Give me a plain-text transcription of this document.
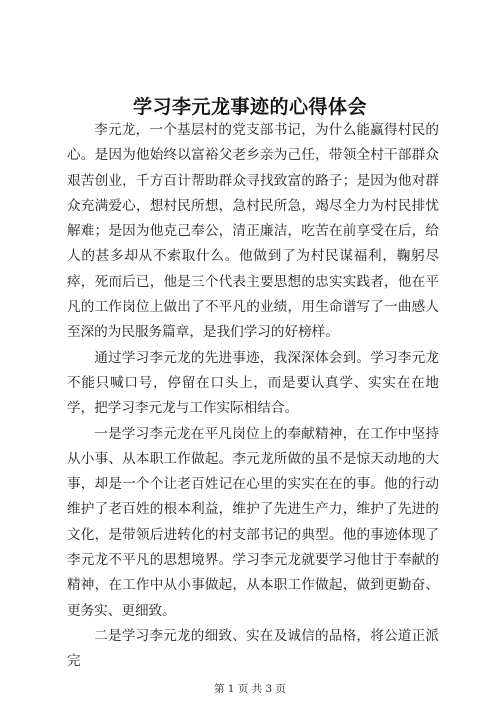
学习李元龙事迹的心得体会

李元龙，一个基层村的党支部书记，为什么能赢得村民的心。是因为他始终以富裕父老乡亲为己任，带领全村干部群众艰苦创业，千方百计帮助群众寻找致富的路子；是因为他对群众充满爱心，想村民所想，急村民所急，竭尽全力为村民排忧解难；是因为他克己奉公，清正廉洁，吃苦在前享受在后，给人的甚多却从不索取什么。他做到了为村民谋福利，鞠躬尽瘁，死而后已，他是三个代表主要思想的忠实实践者，他在平凡的工作岗位上做出了不平凡的业绩，用生命谱写了一曲感人至深的为民服务篇章，是我们学习的好榜样。

通过学习李元龙的先进事迹，我深深体会到。学习李元龙不能只喊口号，停留在口头上，而是要认真学、实实在在地学，把学习李元龙与工作实际相结合。

一是学习李元龙在平凡岗位上的奉献精神，在工作中坚持从小事、从本职工作做起。李元龙所做的虽不是惊天动地的大事，却是一个个让老百姓记在心里的实实在在的事。他的行动维护了老百姓的根本利益，维护了先进生产力，维护了先进的文化，是带领后进转化的村支部书记的典型。他的事迹体现了李元龙不平凡的思想境界。学习李元龙就要学习他甘于奉献的精神，在工作中从小事做起，从本职工作做起，做到更勤奋、更务实、更细致。

二是学习李元龙的细致、实在及诚信的品格，将公道正派完

第 1 页 共 3 页
